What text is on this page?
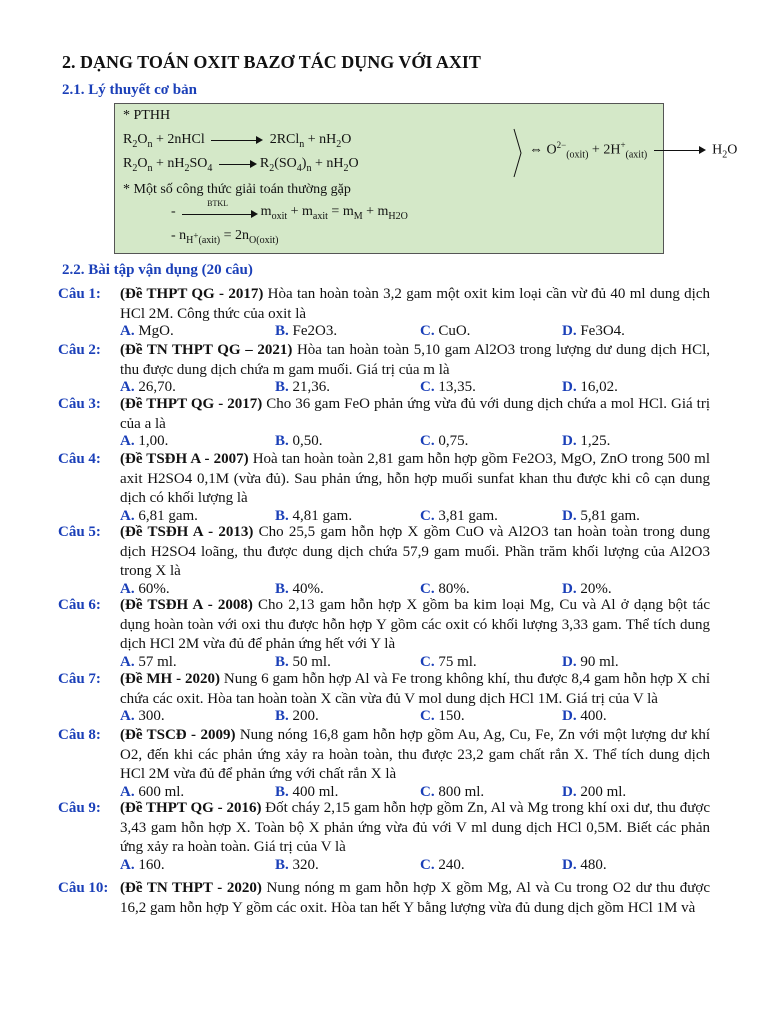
2. DẠNG TOÁN OXIT BAZƠ TÁC DỤNG VỚI AXIT
2.1. Lý thuyết cơ bản
* PTHH
$R_2O_n$ + 2nHCl	$2RCl_n + nH_2O$
$R_2O_n + nH_2SO_4$	$R_2(SO_4)_n + nH_2O$
⇔ $O^{2-}_{(oxit)} + 2H^+_{(axit)}$	$H_2O$
* Một số công thức giải toán thường gặp
-
BTKL
$m_{oxit} + m_{axit} = m_M + m_{H2O}$
- $n_{H^+(axit)} = 2n_{O(oxit)}$
2.2. Bài tập vận dụng (20 câu)
Câu 1: (Đề THPT QG - 2017) Hòa tan hoàn toàn 3,2 gam một oxit kim loại cần vừ đủ 40 ml dung dịch HCl 2M. Công thức của oxit là
A. MgO.	B. Fe2O3.	C. CuO.	D. Fe3O4.
Câu 2: (Đề TN THPT QG – 2021) Hòa tan hoàn toàn 5,10 gam Al2O3 trong lượng dư dung dịch HCl, thu được dung dịch chứa m gam muối. Giá trị của m là
A. 26,70.	B. 21,36.	C. 13,35.	D. 16,02.
Câu 3: (Đề THPT QG - 2017) Cho 36 gam FeO phản ứng vừa đủ với dung dịch chứa a mol HCl. Giá trị của a là
A. 1,00.	B. 0,50.	C. 0,75.	D. 1,25.
Câu 4: (Đề TSĐH A - 2007) Hoà tan hoàn toàn 2,81 gam hỗn hợp gồm Fe2O3, MgO, ZnO trong 500 ml axit H2SO4 0,1M (vừa đủ). Sau phản ứng, hỗn hợp muối sunfat khan thu được khi cô cạn dung dịch có khối lượng là
A. 6,81 gam.	B. 4,81 gam.	C. 3,81 gam.	D. 5,81 gam.
Câu 5: (Đề TSĐH A - 2013) Cho 25,5 gam hỗn hợp X gồm CuO và Al2O3 tan hoàn toàn trong dung dịch H2SO4 loãng, thu được dung dịch chứa 57,9 gam muối. Phần trăm khối lượng của Al2O3 trong X là
A. 60%.	B. 40%.	C. 80%.	D. 20%.
Câu 6: (Đề TSĐH A - 2008) Cho 2,13 gam hỗn hợp X gồm ba kim loại Mg, Cu và Al ở dạng bột tác dụng hoàn toàn với oxi thu được hỗn hợp Y gồm các oxit có khối lượng 3,33 gam. Thể tích dung dịch HCl 2M vừa đủ để phản ứng hết với Y là
A. 57 ml.	B. 50 ml.	C. 75 ml.	D. 90 ml.
Câu 7: (Đề MH - 2020) Nung 6 gam hỗn hợp Al và Fe trong không khí, thu được 8,4 gam hỗn hợp X chỉ chứa các oxit. Hòa tan hoàn toàn X cần vừa đủ V mol dung dịch HCl 1M. Giá trị của V là
A. 300.	B. 200.	C. 150.	D. 400.
Câu 8: (Đề TSCĐ - 2009) Nung nóng 16,8 gam hỗn hợp gồm Au, Ag, Cu, Fe, Zn với một lượng dư khí O2, đến khi các phản ứng xảy ra hoàn toàn, thu được 23,2 gam chất rắn X. Thể tích dung dịch HCl 2M vừa đủ để phản ứng với chất rắn X là
A. 600 ml.	B. 400 ml.	C. 800 ml.	D. 200 ml.
Câu 9: (Đề THPT QG - 2016) Đốt cháy 2,15 gam hỗn hợp gồm Zn, Al và Mg trong khí oxi dư, thu được 3,43 gam hỗn hợp X. Toàn bộ X phản ứng vừa đủ với V ml dung dịch HCl 0,5M. Biết các phản ứng xảy ra hoàn toàn. Giá trị của V là
A. 160.	B. 320.	C. 240.	D. 480.
Câu 10: (Đề TN THPT - 2020) Nung nóng m gam hỗn hợp X gồm Mg, Al và Cu trong O2 dư thu được 16,2 gam hỗn hợp Y gồm các oxit. Hòa tan hết Y bằng lượng vừa đủ dung dịch gồm HCl 1M và
